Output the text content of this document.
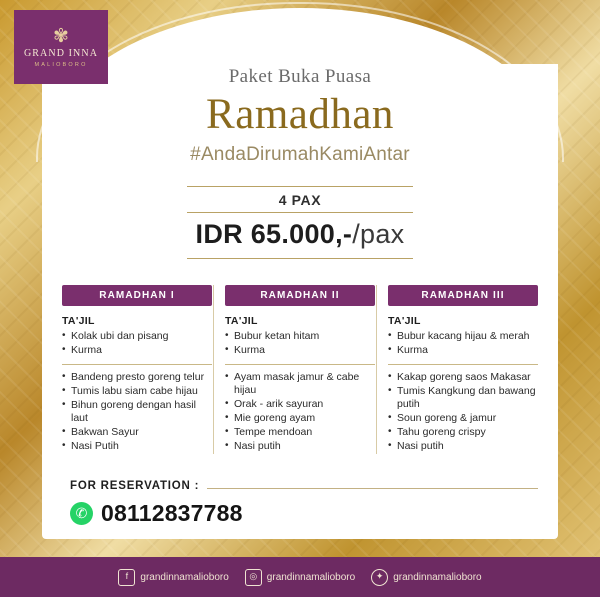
✾
GRAND INNA
MALIOBORO
Paket Buka Puasa
Ramadhan
#AndaDirumahKamiAntar
4 PAX
IDR 65.000,-/pax
RAMADHAN I
TA'JIL
• Kolak ubi dan pisang
• Kurma
• Bandeng presto goreng telur
• Tumis labu siam cabe hijau
• Bihun goreng dengan hasil laut
• Bakwan Sayur
• Nasi Putih
RAMADHAN II
TA'JIL
• Bubur ketan hitam
• Kurma
• Ayam masak jamur & cabe hijau
• Orak - arik sayuran
• Mie goreng ayam
• Tempe mendoan
• Nasi putih
RAMADHAN III
TA'JIL
• Bubur kacang hijau & merah
• Kurma
• Kakap goreng saos Makasar
• Tumis Kangkung dan bawang putih
• Soun goreng & jamur
• Tahu goreng crispy
• Nasi putih
FOR RESERVATION :
✆ 08112837788
f	grandinnamalioboro	◎ grandinnamalioboro	✦ grandinnamalioboro
